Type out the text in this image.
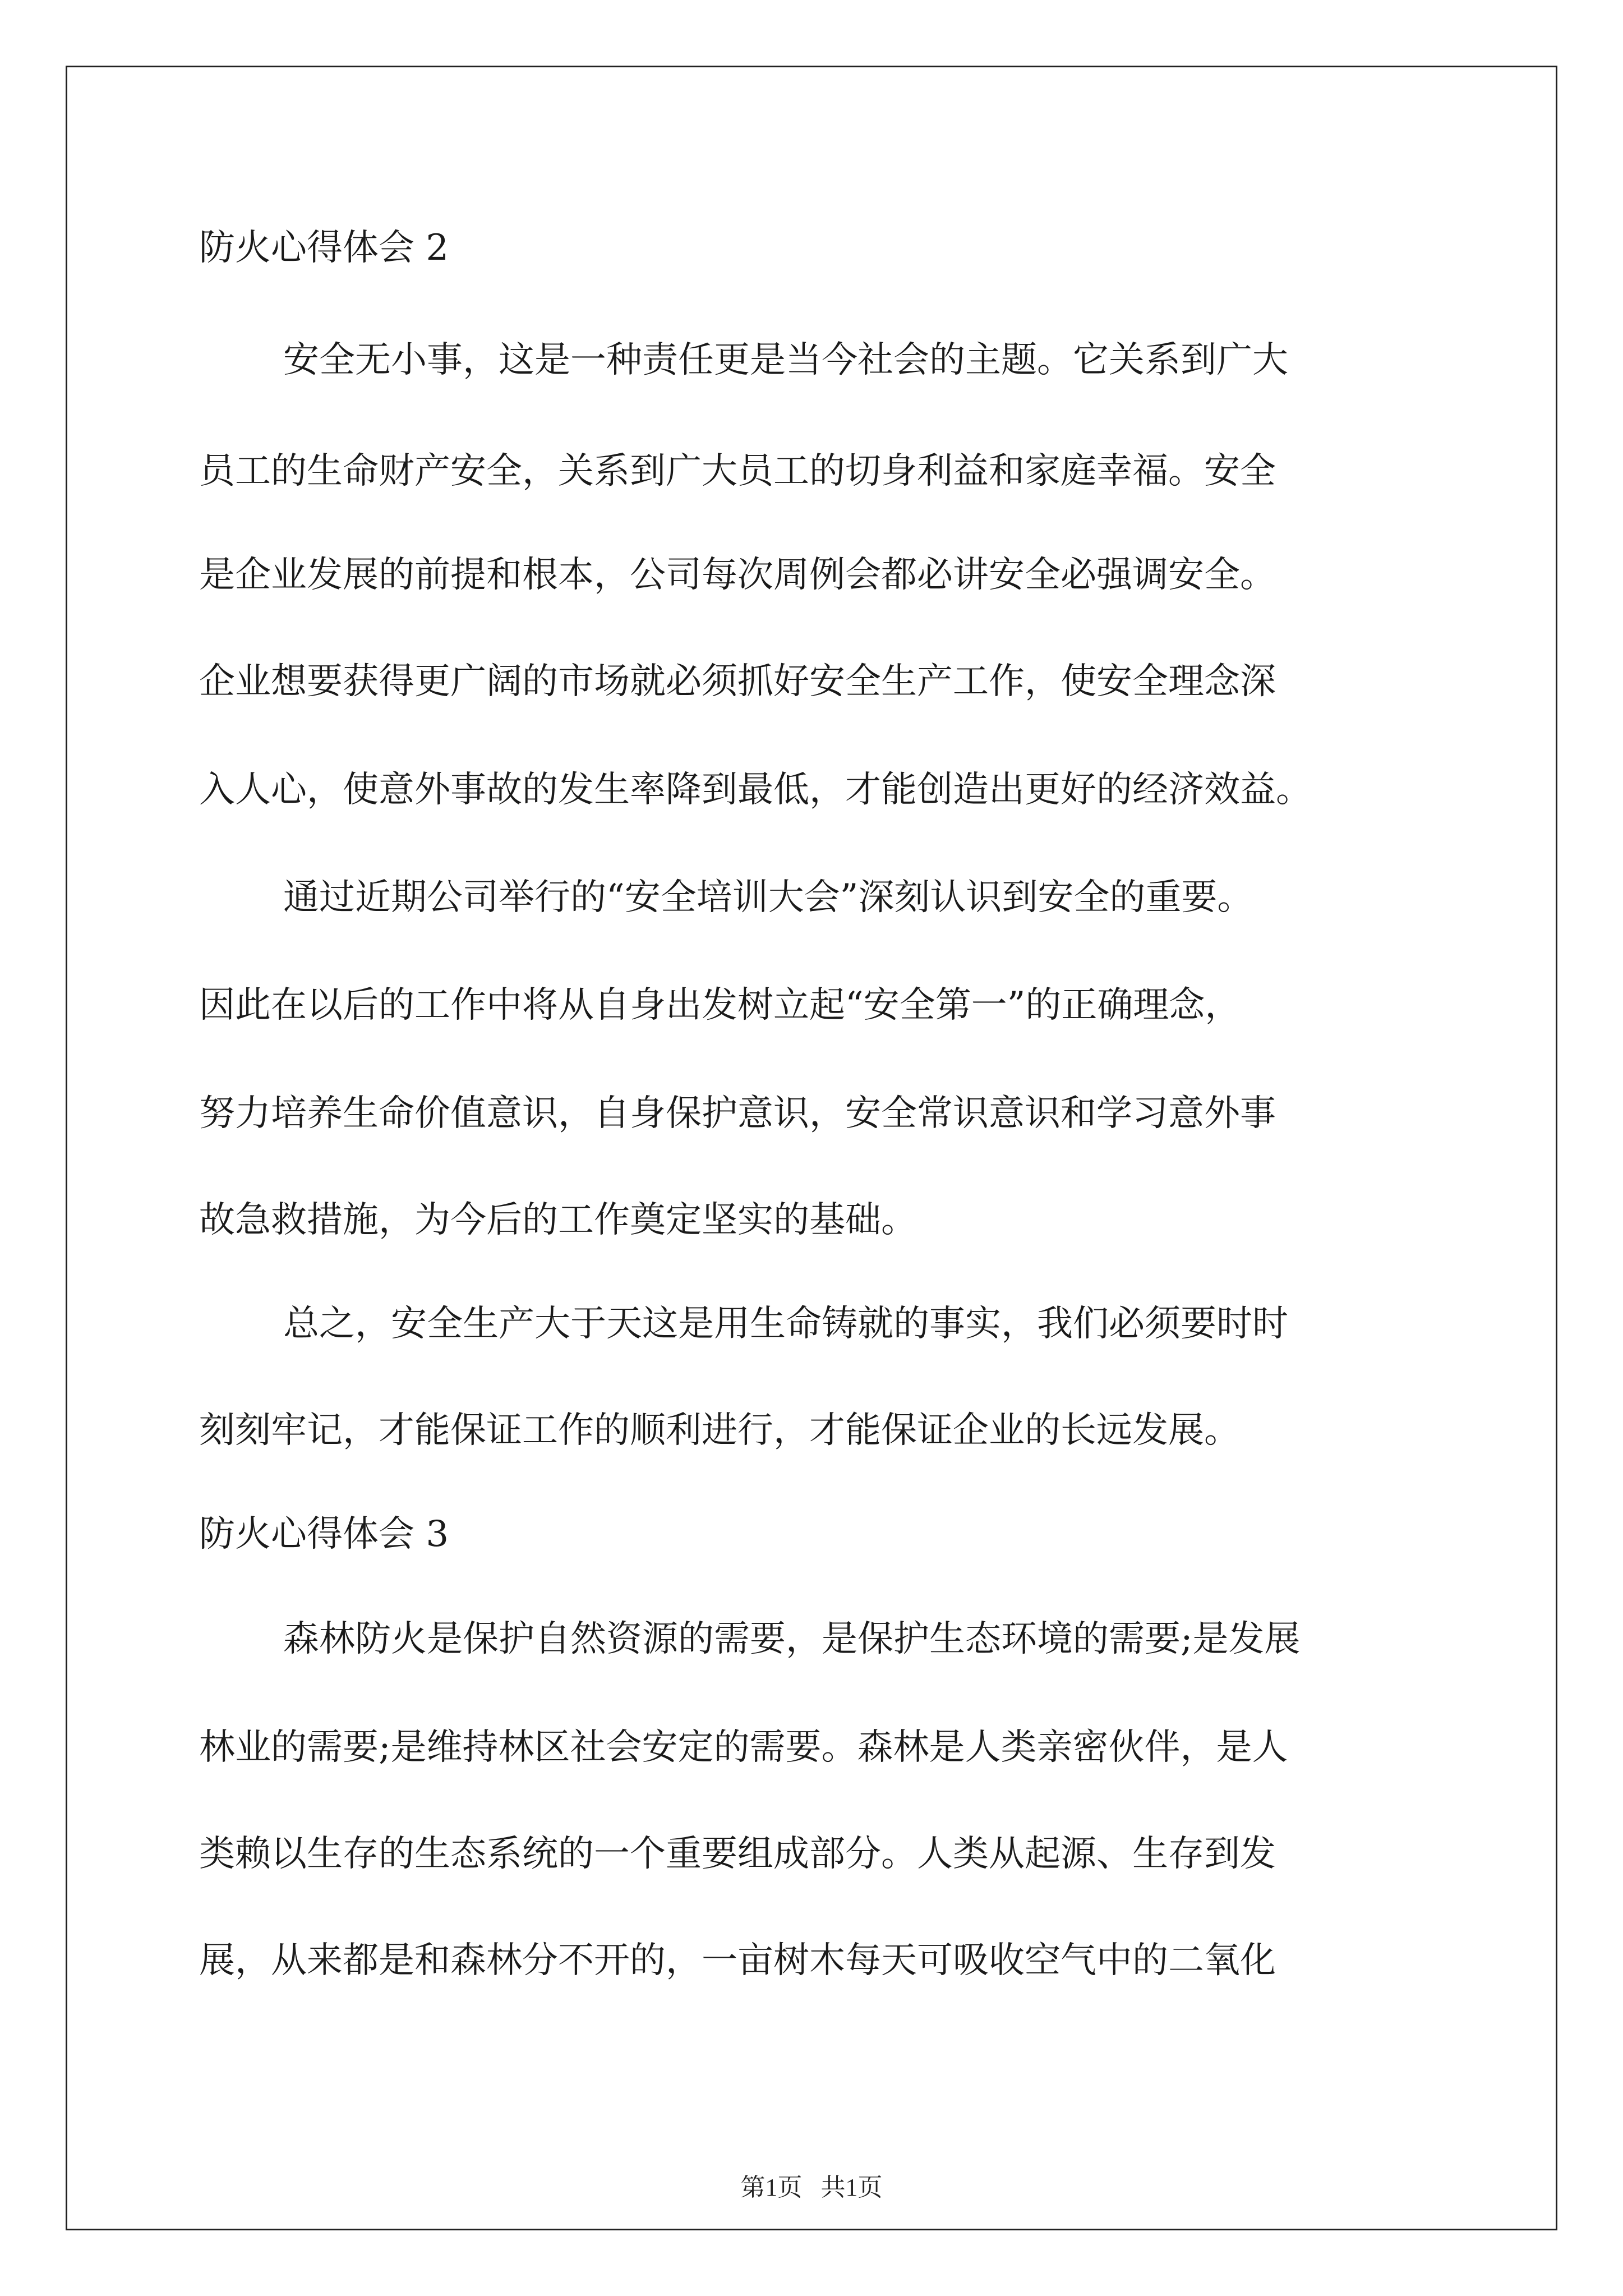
防火心得体会 2
安全无小事，这是一种责任更是当今社会的主题。它关系到广大
员工的生命财产安全，关系到广大员工的切身利益和家庭幸福。安全
是企业发展的前提和根本，公司每次周例会都必讲安全必强调安全。
企业想要获得更广阔的市场就必须抓好安全生产工作，使安全理念深
入人心，使意外事故的发生率降到最低，才能创造出更好的经济效益。
通过近期公司举行的“安全培训大会”深刻认识到安全的重要。
因此在以后的工作中将从自身出发树立起“安全第一”的正确理念，
努力培养生命价值意识，自身保护意识，安全常识意识和学习意外事
故急救措施，为今后的工作奠定坚实的基础。
总之，安全生产大于天这是用生命铸就的事实，我们必须要时时
刻刻牢记，才能保证工作的顺利进行，才能保证企业的长远发展。
防火心得体会 3
森林防火是保护自然资源的需要，是保护生态环境的需要;是发展
林业的需要;是维持林区社会安定的需要。森林是人类亲密伙伴，是人
类赖以生存的生态系统的一个重要组成部分。人类从起源、生存到发
展，从来都是和森林分不开的，一亩树木每天可吸收空气中的二氧化
第1页   共1页
